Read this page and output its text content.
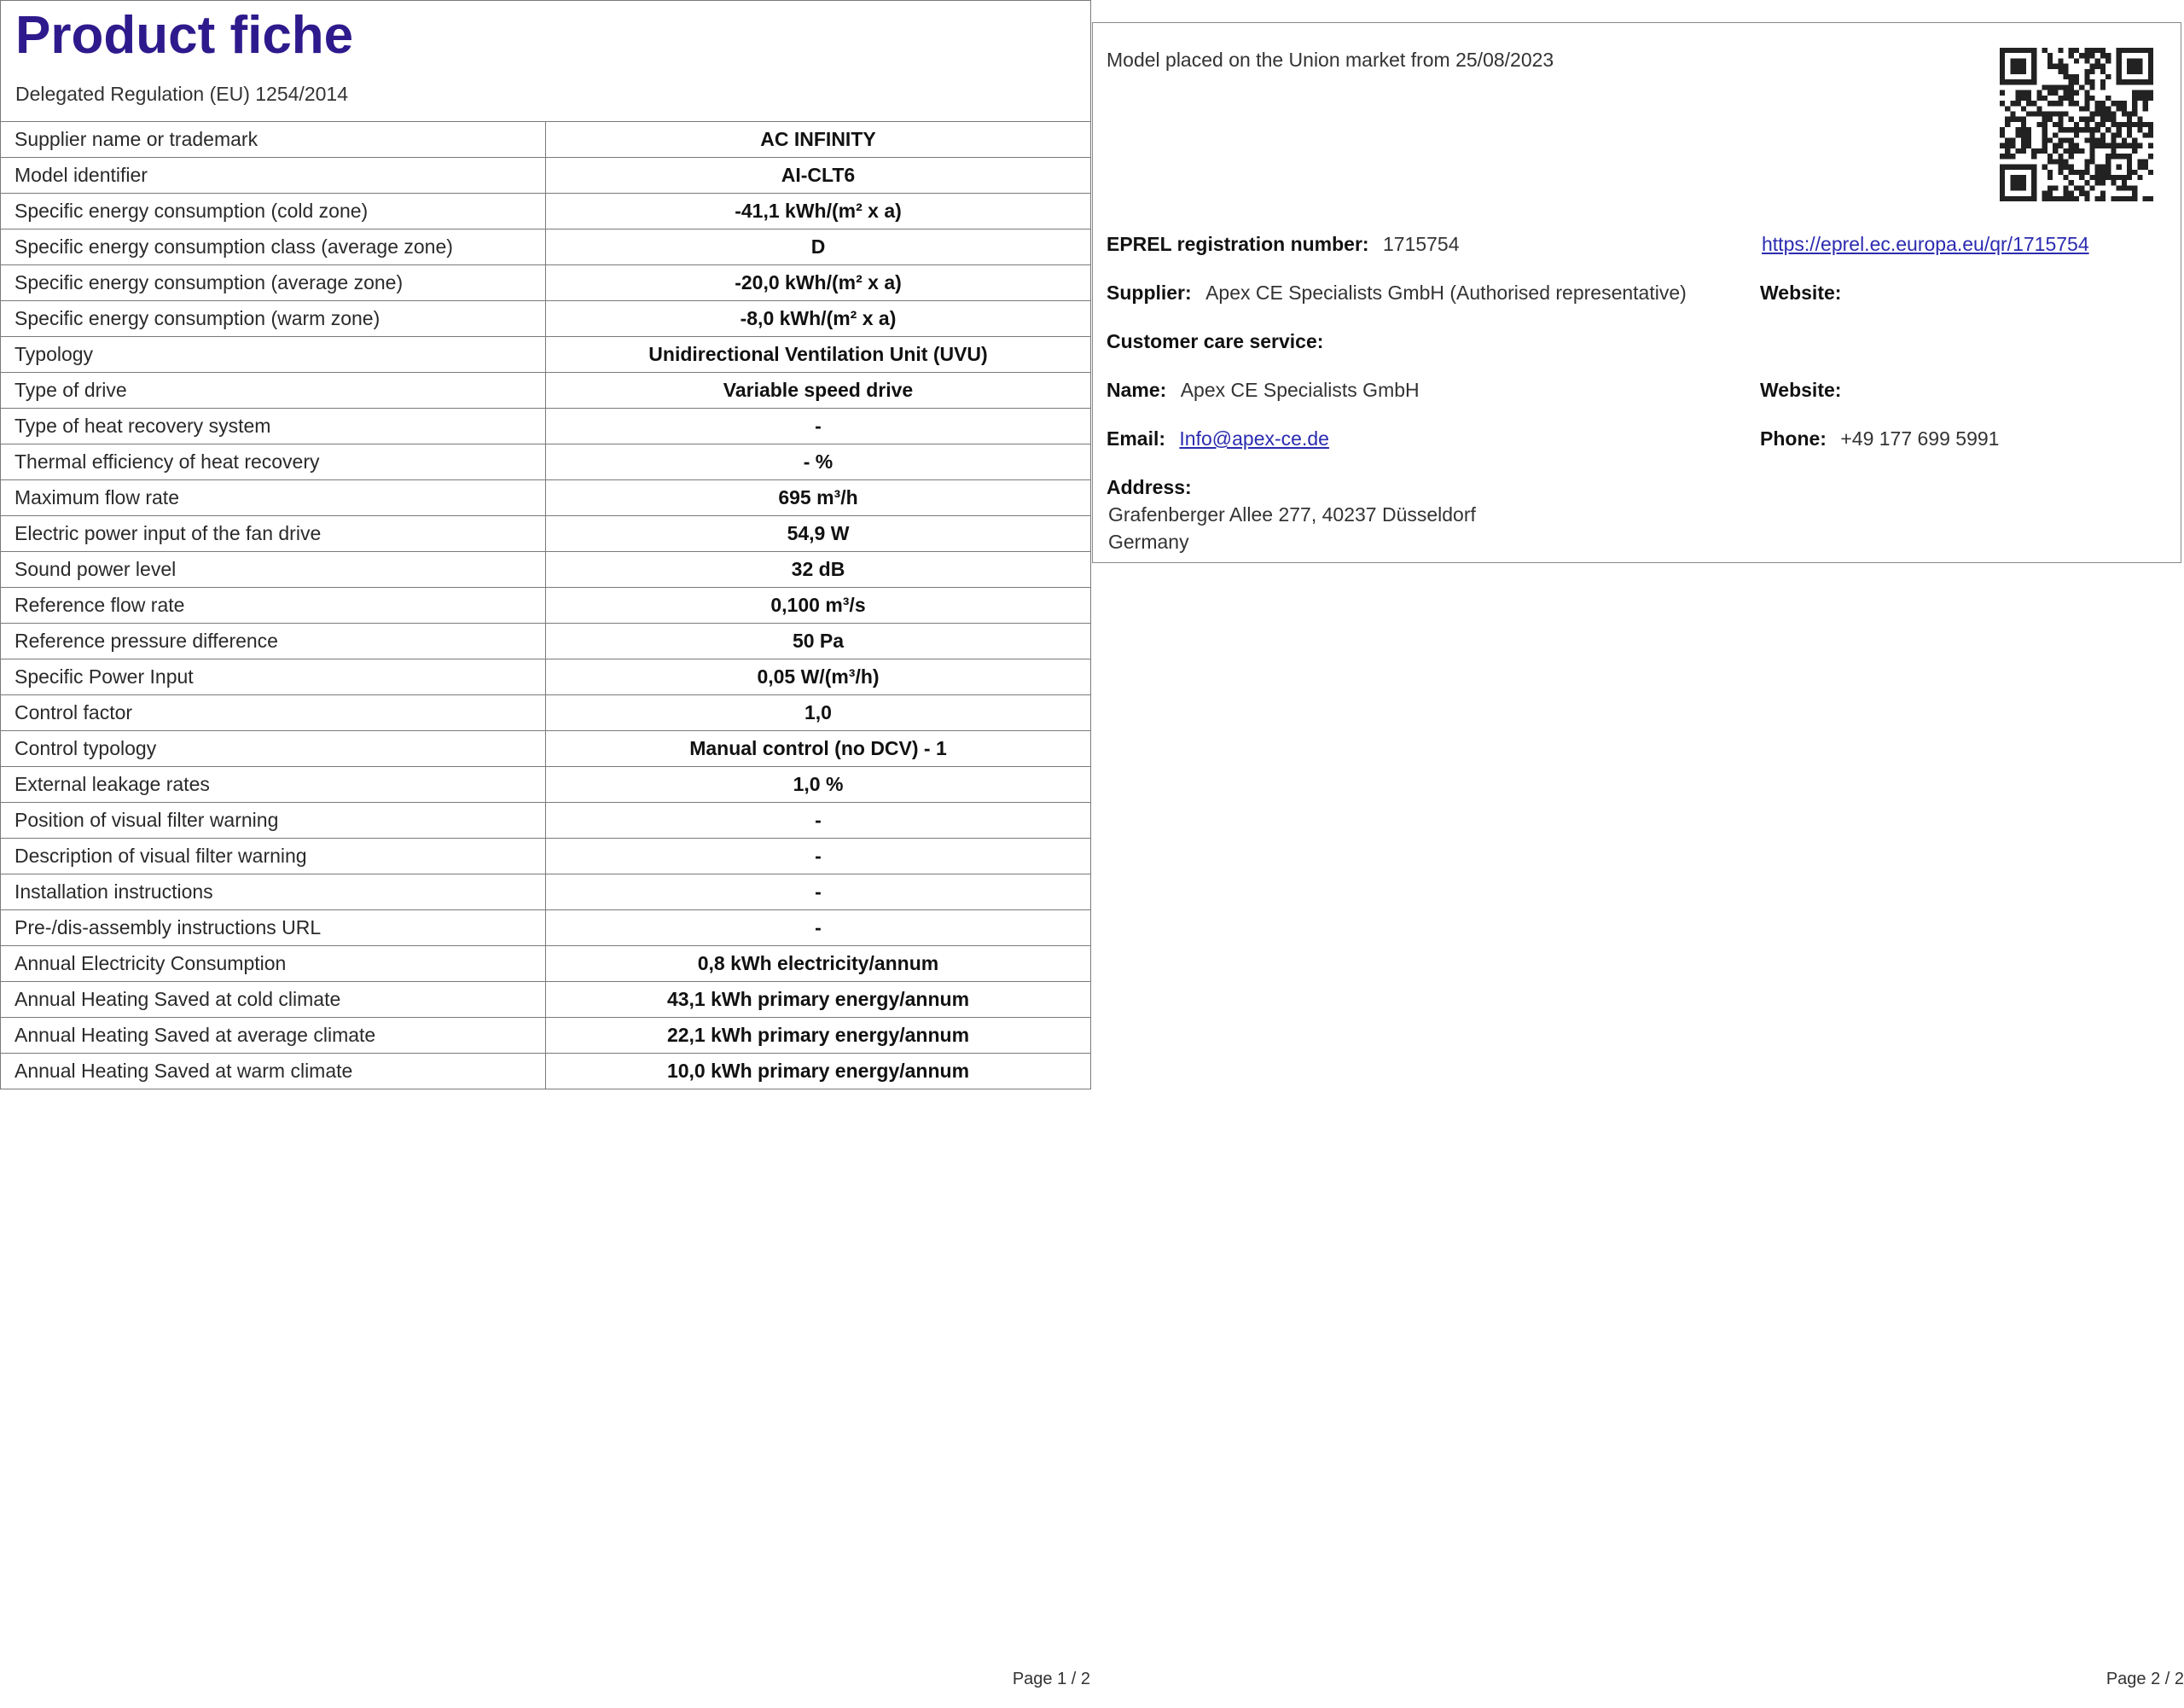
Product fiche
Delegated Regulation (EU) 1254/2014
Supplier name or trademark	AC INFINITY
Model identifier	AI-CLT6
Specific energy consumption (cold zone)	-41,1 kWh/(m² x a)
Specific energy consumption class (average zone)	D
Specific energy consumption (average zone)	-20,0 kWh/(m² x a)
Specific energy consumption (warm zone)	-8,0 kWh/(m² x a)
Typology	Unidirectional Ventilation Unit (UVU)
Type of drive	Variable speed drive
Type of heat recovery system	-
Thermal efficiency of heat recovery	- %
Maximum flow rate	695 m³/h
Electric power input of the fan drive	54,9 W
Sound power level	32 dB
Reference flow rate	0,100 m³/s
Reference pressure difference	50 Pa
Specific Power Input	0,05 W/(m³/h)
Control factor	1,0
Control typology	Manual control (no DCV) - 1
External leakage rates	1,0 %
Position of visual filter warning	-
Description of visual filter warning	-
Installation instructions	-
Pre-/dis-assembly instructions URL	-
Annual Electricity Consumption	0,8 kWh electricity/annum
Annual Heating Saved at cold climate	43,1 kWh primary energy/annum
Annual Heating Saved at average climate	22,1 kWh primary energy/annum
Annual Heating Saved at warm climate	10,0 kWh primary energy/annum
Page 1 / 2
Model placed on the Union market from 25/08/2023
EPREL registration number: 1715754	https://eprel.ec.europa.eu/qr/1715754
Supplier: Apex CE Specialists GmbH (Authorised representative)	Website:
Customer care service:
Name: Apex CE Specialists GmbH	Website:
Email: Info@apex-ce.de	Phone: +49 177 699 5991
Address:
Grafenberger Allee 277, 40237 Düsseldorf
Germany
Page 2 / 2
